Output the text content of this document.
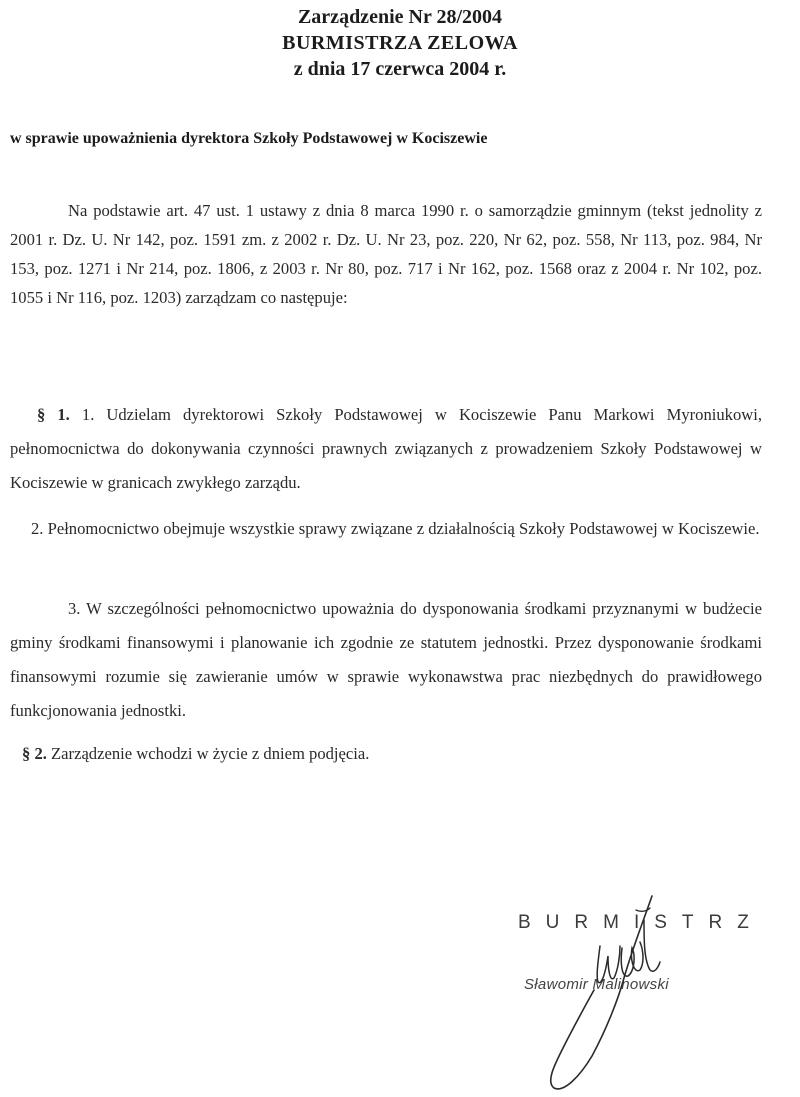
Zarządzenie Nr 28/2004
BURMISTRZA ZELOWA
z dnia 17 czerwca 2004 r.
w sprawie upoważnienia dyrektora Szkoły Podstawowej w Kociszewie
Na podstawie art. 47 ust. 1 ustawy z dnia 8 marca 1990 r. o samorządzie gminnym (tekst jednolity z 2001 r. Dz. U. Nr 142, poz. 1591 zm. z 2002 r. Dz. U. Nr 23, poz. 220, Nr 62, poz. 558, Nr 113, poz. 984, Nr 153, poz. 1271 i Nr 214, poz. 1806, z 2003 r. Nr 80, poz. 717 i Nr 162, poz. 1568 oraz z 2004 r. Nr 102, poz. 1055 i Nr 116, poz. 1203) zarządzam co następuje:
§ 1. 1. Udzielam dyrektorowi Szkoły Podstawowej w Kociszewie Panu Markowi Myroniukowi, pełnomocnictwa do dokonywania czynności prawnych związanych z prowadzeniem Szkoły Podstawowej w Kociszewie w granicach zwykłego zarządu.
2. Pełnomocnictwo obejmuje wszystkie sprawy związane z działalnością Szkoły Podstawowej w Kociszewie.
3. W szczególności pełnomocnictwo upoważnia do dysponowania środkami przyznanymi w budżecie gminy środkami finansowymi i planowanie ich zgodnie ze statutem jednostki. Przez dysponowanie środkami finansowymi rozumie się zawieranie umów w sprawie wykonawstwa prac niezbędnych do prawidłowego funkcjonowania jednostki.
§ 2. Zarządzenie wchodzi w życie z dniem podjęcia.
BURMISTRZ
Sławomir Malinowski
